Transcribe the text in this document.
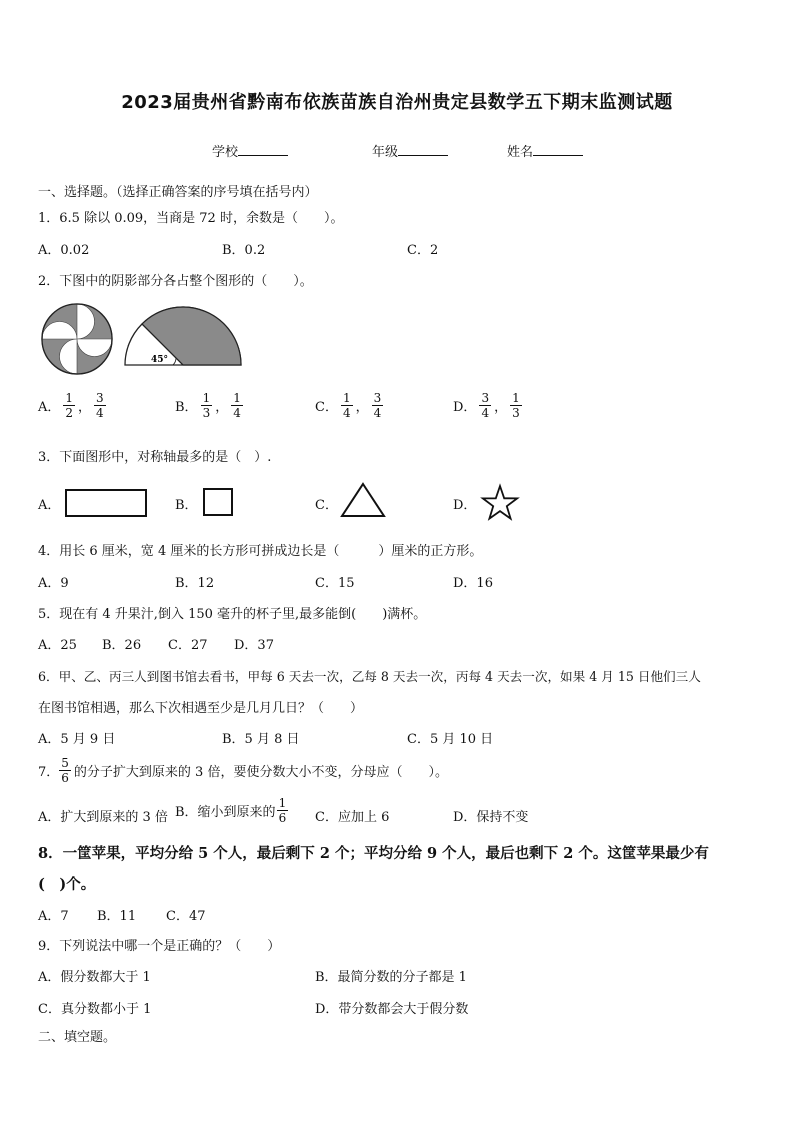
2023届贵州省黔南布依族苗族自治州贵定县数学五下期末监测试题
学校	年级	姓名
一、选择题。（选择正确答案的序号填在括号内）
1．6.5 除以 0.09，当商是 72 时，余数是（　　）。
A．0.02	B．0.2	C．2
2．下图中的阴影部分各占整个图形的（　　）。
45°
A． $\frac{1}{2}$ ， $\frac{3}{4}$	B． $\frac{1}{3}$ ， $\frac{1}{4}$	C． $\frac{1}{4}$ ， $\frac{3}{4}$	D． $\frac{3}{4}$ ， $\frac{1}{3}$
3．下面图形中，对称轴最多的是（　）.
A．	B．	C．	D．
4．用长 6 厘米，宽 4 厘米的长方形可拼成边长是（　　　）厘米的正方形。
A．9	B．12	C．15	D．16
5．现在有 4 升果汁,倒入 150 毫升的杯子里,最多能倒(　　)满杯。
A．25 B．26 C．27 D．37
6．甲、乙、丙三人到图书馆去看书，甲每 6 天去一次，乙每 8 天去一次，丙每 4 天去一次，如果 4 月 15 日他们三人
在图书馆相遇，那么下次相遇至少是几月几日？（　　）
A．5 月 9 日	B．5 月 8 日	C．5 月 10 日
7． $\frac{5}{6}$ 的分子扩大到原来的 3 倍，要使分数大小不变，分母应（　　）。
A．扩大到原来的 3 倍 B．缩小到原来的 $\frac{1}{6}$ C．应加上 6	D．保持不变
8．一筐苹果，平均分给 5 个人，最后剩下 2 个；平均分给 9 个人，最后也剩下 2 个。这筐苹果最少有
(　)个。
A．7 B．11 C．47
9．下列说法中哪一个是正确的？（　　）
A．假分数都大于 1	B．最简分数的分子都是 1
C．真分数都小于 1	D．带分数都会大于假分数
二、填空题。
